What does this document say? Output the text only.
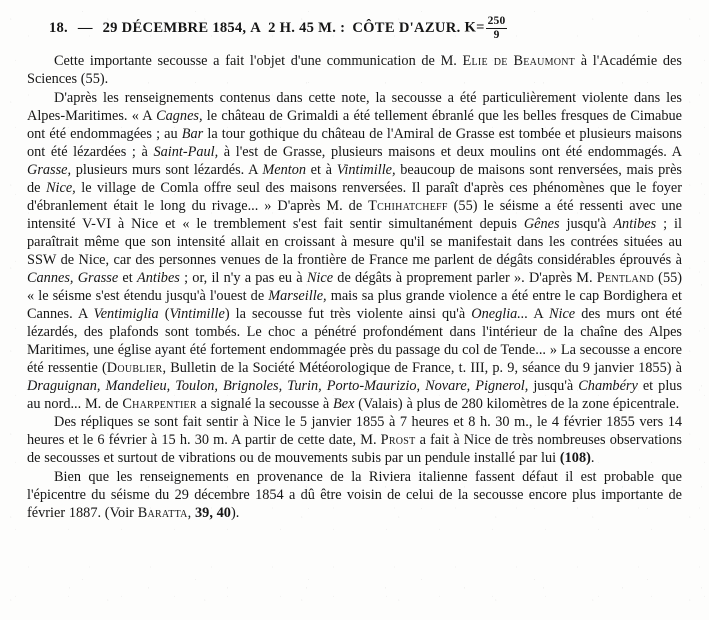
18. — 29 DÉCEMBRE 1854, A 2 H. 45 M. : CÔTE D'AZUR. $K= \frac{250}{9}$

Cette importante secousse a fait l'objet d'une communication de M. Elie de Beaumont à l'Académie des Sciences (55).

D'après les renseignements contenus dans cette note, la secousse a été particulièrement violente dans les Alpes-Maritimes. « A Cagnes, le château de Grimaldi a été tellement ébranlé que les belles fresques de Cimabue ont été endommagées ; au Bar la tour gothique du château de l'Amiral de Grasse est tombée et plusieurs maisons ont été lézardées ; à Saint-Paul, à l'est de Grasse, plusieurs maisons et deux moulins ont été endommagés. A Grasse, plusieurs murs sont lézardés. A Menton et à Vintimille, beaucoup de maisons sont renversées, mais près de Nice, le village de Comla offre seul des maisons renversées. Il paraît d'après ces phénomènes que le foyer d'ébranlement était le long du rivage... » D'après M. de Tchihatcheff (55) le séisme a été ressenti avec une intensité V-VI à Nice et « le tremblement s'est fait sentir simultanément depuis Gênes jusqu'à Antibes ; il paraîtrait même que son intensité allait en croissant à mesure qu'il se manifestait dans les contrées situées au SSW de Nice, car des personnes venues de la frontière de France me parlent de dégâts considérables éprouvés à Cannes, Grasse et Antibes ; or, il n'y a pas eu à Nice de dégâts à proprement parler ». D'après M. Pentland (55) « le séisme s'est étendu jusqu'à l'ouest de Marseille, mais sa plus grande violence a été entre le cap Bordighera et Cannes. A Ventimiglia (Vintimille) la secousse fut très violente ainsi qu'à Oneglia... A Nice des murs ont été lézardés, des plafonds sont tombés. Le choc a pénétré profondément dans l'intérieur de la chaîne des Alpes Maritimes, une église ayant été fortement endommagée près du passage du col de Tende... » La secousse a encore été ressentie (Doublier, Bulletin de la Société Météorologique de France, t. III, p. 9, séance du 9 janvier 1855) à Draguignan, Mandelieu, Toulon, Brignoles, Turin, Porto-Maurizio, Novare, Pignerol, jusqu'à Chambéry et plus au nord... M. de Charpentier a signalé la secousse à Bex (Valais) à plus de 280 kilomètres de la zone épicentrale.

Des répliques se sont fait sentir à Nice le 5 janvier 1855 à 7 heures et 8 h. 30 m., le 4 février 1855 vers 14 heures et le 6 février à 15 h. 30 m. A partir de cette date, M. Prost a fait à Nice de très nombreuses observations de secousses et surtout de vibrations ou de mouvements subis par un pendule installé par lui (108).

Bien que les renseignements en provenance de la Riviera italienne fassent défaut il est probable que l'épicentre du séisme du 29 décembre 1854 a dû être voisin de celui de la secousse encore plus importante de février 1887. (Voir Baratta, 39, 40).
